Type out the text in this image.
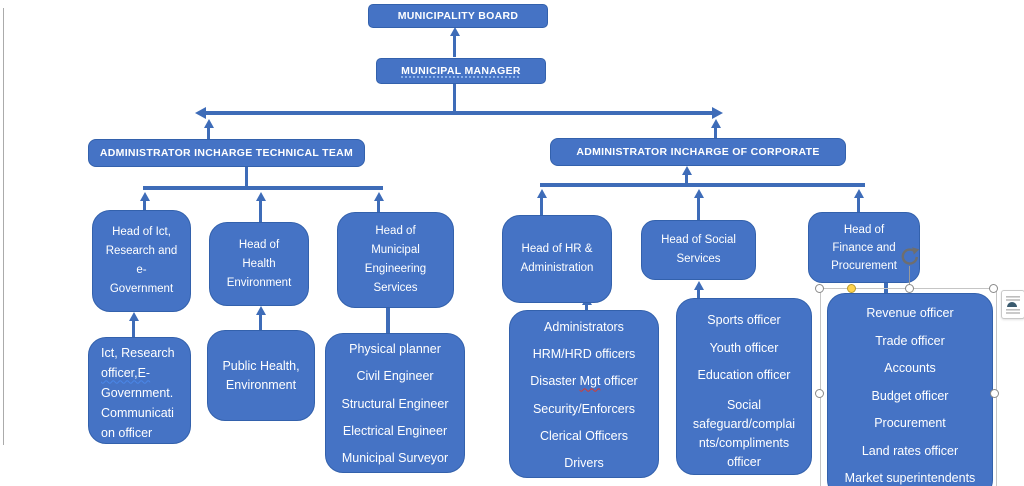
MUNICIPALITY BOARD
MUNICIPAL MANAGER
ADMINISTRATOR INCHARGE TECHNICAL TEAM	ADMINISTRATOR INCHARGE OF CORPORATE
Head of Ict,
Research and
e-
Government
Head of
Health
Environment
Head of
Municipal
Engineering
Services
Ict, Research
officer,E-
Government.
Communicati
on officer
Public Health,
Environment
Physical planner
Civil Engineer
Structural Engineer
Electrical Engineer
Municipal Surveyor
Head of HR &
Administration
Head of Social
Services
Head of
Finance and
Procurement
Administrators
HRM/HRD officers
Disaster Mgt officer
Security/Enforcers
Clerical Officers
Drivers
Sports officer
Youth officer
Education officer
Social
safeguard/complai
nts/compliments
officer
Revenue officer
Trade officer
Accounts
Budget officer
Procurement
Land rates officer
Market superintendents
